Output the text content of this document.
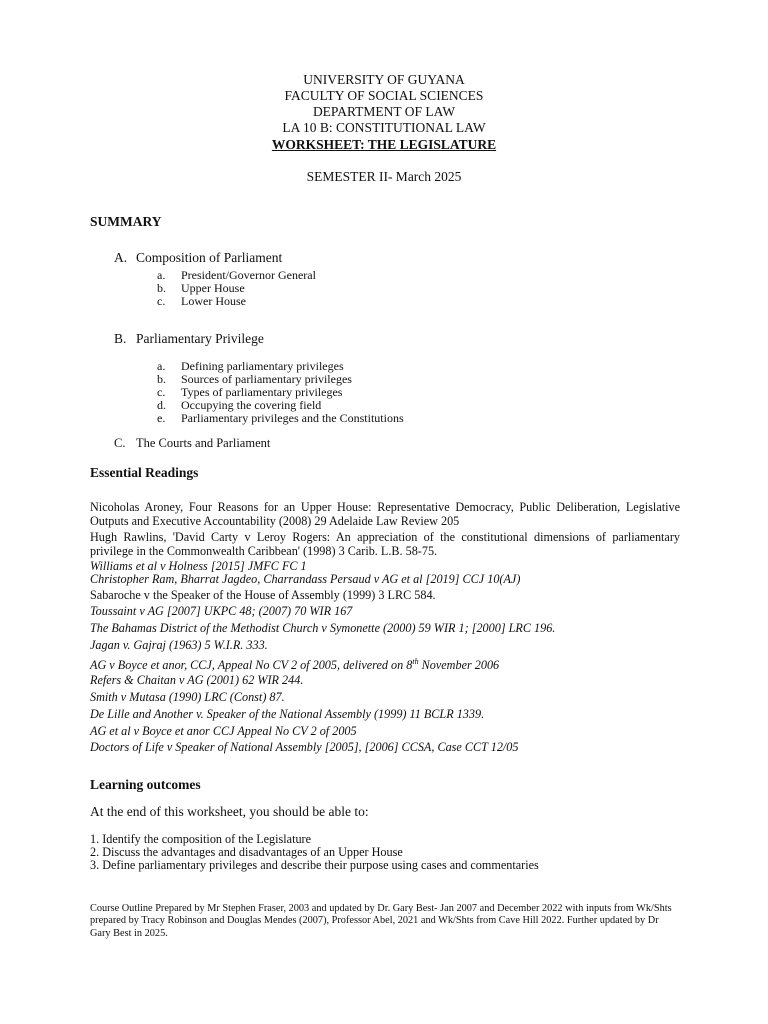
UNIVERSITY OF GUYANA
FACULTY OF SOCIAL SCIENCES
DEPARTMENT OF LAW
LA 10 B: CONSTITUTIONAL LAW
WORKSHEET: THE LEGISLATURE
SEMESTER II- March 2025
SUMMARY
A. Composition of Parliament
a. President/Governor General
b. Upper House
c. Lower House
B. Parliamentary Privilege
a. Defining parliamentary privileges
b. Sources of parliamentary privileges
c. Types of parliamentary privileges
d. Occupying the covering field
e. Parliamentary privileges and the Constitutions
C. The Courts and Parliament
Essential Readings
Nicoholas Aroney, Four Reasons for an Upper House: Representative Democracy, Public Deliberation, Legislative Outputs and Executive Accountability (2008) 29 Adelaide Law Review 205
Hugh Rawlins, 'David Carty v Leroy Rogers: An appreciation of the constitutional dimensions of parliamentary privilege in the Commonwealth Caribbean' (1998) 3 Carib. L.B. 58-75.
Williams et al v Holness [2015] JMFC FC 1
Christopher Ram, Bharrat Jagdeo, Charrandass Persaud v AG et al [2019] CCJ 10(AJ)
Sabaroche v the Speaker of the House of Assembly (1999) 3 LRC 584.
Toussaint v AG [2007] UKPC 48; (2007) 70 WIR 167
The Bahamas District of the Methodist Church v Symonette (2000) 59 WIR 1; [2000] LRC 196.
Jagan v. Gajraj (1963) 5 W.I.R. 333.
AG v Boyce et anor, CCJ, Appeal No CV 2 of 2005, delivered on 8th November 2006
Refers & Chaitan v AG (2001) 62 WIR 244.
Smith v Mutasa (1990) LRC (Const) 87.
De Lille and Another v. Speaker of the National Assembly (1999) 11 BCLR 1339.
AG et al v Boyce et anor CCJ Appeal No CV 2 of 2005
Doctors of Life v Speaker of National Assembly [2005], [2006] CCSA, Case CCT 12/05
Learning outcomes
At the end of this worksheet, you should be able to:
1. Identify the composition of the Legislature
2. Discuss the advantages and disadvantages of an Upper House
3. Define parliamentary privileges and describe their purpose using cases and commentaries
Course Outline Prepared by Mr Stephen Fraser, 2003 and updated by Dr. Gary Best- Jan 2007 and December 2022 with inputs from Wk/Shts prepared by Tracy Robinson and Douglas Mendes (2007), Professor Abel, 2021 and Wk/Shts from Cave Hill 2022. Further updated by Dr Gary Best in 2025.
